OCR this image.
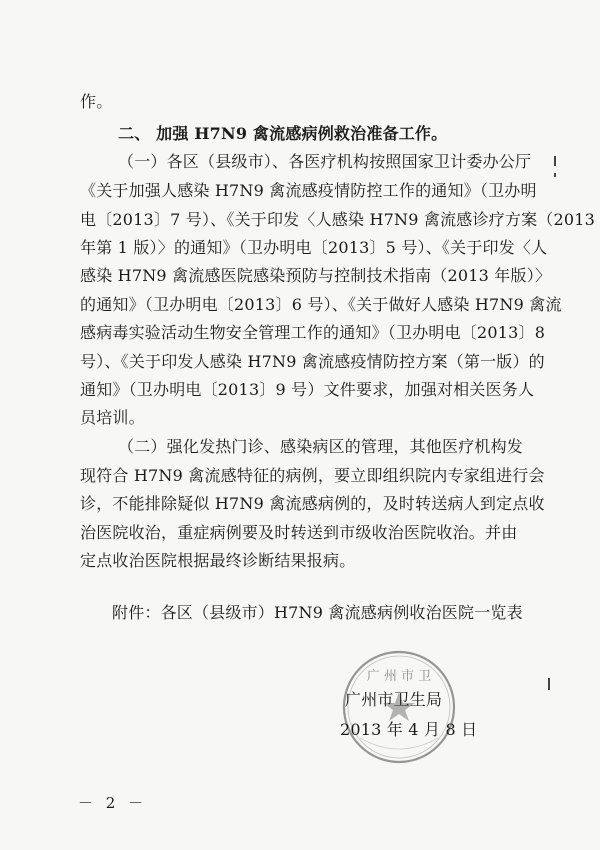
作。
二、 加强 H7N9 禽流感病例救治准备工作。
（一）各区（县级市）、各医疗机构按照国家卫计委办公厅
《关于加强人感染 H7N9 禽流感疫情防控工作的通知》（卫办明
电〔2013〕7 号）、《关于印发〈人感染 H7N9 禽流感诊疗方案（2013
年第 1 版）〉的通知》（卫办明电〔2013〕5 号）、《关于印发〈人
感染 H7N9 禽流感医院感染预防与控制技术指南（2013 年版）〉
的通知》（卫办明电〔2013〕6 号）、《关于做好人感染 H7N9 禽流
感病毒实验活动生物安全管理工作的通知》（卫办明电〔2013〕8
号）、《关于印发人感染 H7N9 禽流感疫情防控方案（第一版）的
通知》（卫办明电〔2013〕9 号）文件要求，加强对相关医务人
员培训。
（二）强化发热门诊、感染病区的管理，其他医疗机构发
现符合 H7N9 禽流感特征的病例，要立即组织院内专家组进行会
诊，不能排除疑似 H7N9 禽流感病例的，及时转送病人到定点收
治医院收治，重症病例要及时转送到市级收治医院收治。并由
定点收治医院根据最终诊断结果报病。
附件：各区（县级市）H7N9 禽流感病例收治医院一览表
广 州 市 卫
广州市卫生局
2013 年 4 月 8 日
－ 2 －
